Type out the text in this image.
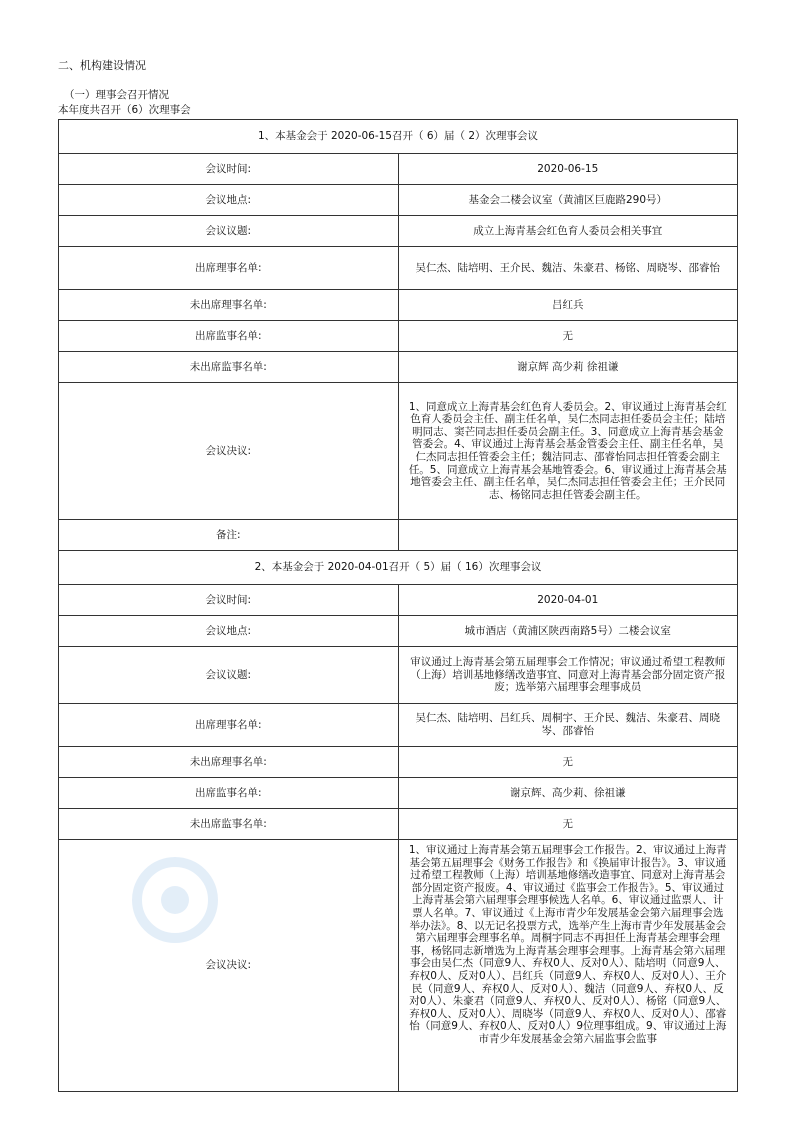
二、机构建设情况
（一）理事会召开情况
本年度共召开（6）次理事会
1、本基金会于 2020-06-15召开（ 6）届（ 2）次理事会议	
会议时间:	2020-06-15
会议地点:	基金会二楼会议室（黄浦区巨鹿路290号）
会议议题:	成立上海青基会红色育人委员会相关事宜
出席理事名单:	吴仁杰、陆培明、王介民、魏洁、朱豪君、杨铭、周晓岑、邵睿怡
未出席理事名单:	吕红兵
出席监事名单:	无
未出席监事名单:	谢京辉 高少莉 徐祖谦
会议决议:	1、同意成立上海青基会红色育人委员会。2、审议通过上海青基会红色育人委员会主任、副主任名单，吴仁杰同志担任委员会主任；陆培明同志、窦芒同志担任委员会副主任。3、同意成立上海青基会基金管委会。4、审议通过上海青基会基金管委会主任、副主任名单，吴仁杰同志担任管委会主任；魏洁同志、邵睿怡同志担任管委会副主任。5、同意成立上海青基会基地管委会。6、审议通过上海青基会基地管委会主任、副主任名单，吴仁杰同志担任管委会主任；王介民同志、杨铭同志担任管委会副主任。
备注:	
2、本基金会于 2020-04-01召开（ 5）届（ 16）次理事会议	
会议时间:	2020-04-01
会议地点:	城市酒店（黄浦区陕西南路5号）二楼会议室
会议议题:	审议通过上海青基会第五届理事会工作情况；审议通过希望工程教师（上海）培训基地修缮改造事宜、同意对上海青基会部分固定资产报废；选举第六届理事会理事成员
出席理事名单:	吴仁杰、陆培明、吕红兵、周桐宇、王介民、魏洁、朱豪君、周晓岑、邵睿怡
未出席理事名单:	无
出席监事名单:	谢京辉、高少莉、徐祖谦
未出席监事名单:	无
会议决议:	1、审议通过上海青基会第五届理事会工作报告。2、审议通过上海青基会第五届理事会《财务工作报告》和《换届审计报告》。3、审议通过希望工程教师（上海）培训基地修缮改造事宜、同意对上海青基会部分固定资产报废。4、审议通过《监事会工作报告》。5、审议通过上海青基会第六届理事会理事候选人名单。6、审议通过监票人、计票人名单。7、审议通过《上海市青少年发展基金会第六届理事会选举办法》。8、以无记名投票方式，选举产生上海市青少年发展基金会第六届理事会理事名单。周桐宇同志不再担任上海青基会理事会理事，杨铭同志新增选为上海青基会理事会理事。上海青基会第六届理事会由吴仁杰（同意9人、弃权0人、反对0人）、陆培明（同意9人、弃权0人、反对0人）、吕红兵（同意9人、弃权0人、反对0人）、王介民（同意9人、弃权0人、反对0人）、魏洁（同意9人、弃权0人、反对0人）、朱豪君（同意9人、弃权0人、反对0人）、杨铭（同意9人、弃权0人、反对0人）、周晓岑（同意9人、弃权0人、反对0人）、邵睿怡（同意9人、弃权0人、反对0人）9位理事组成。9、审议通过上海市青少年发展基金会第六届监事会监事
